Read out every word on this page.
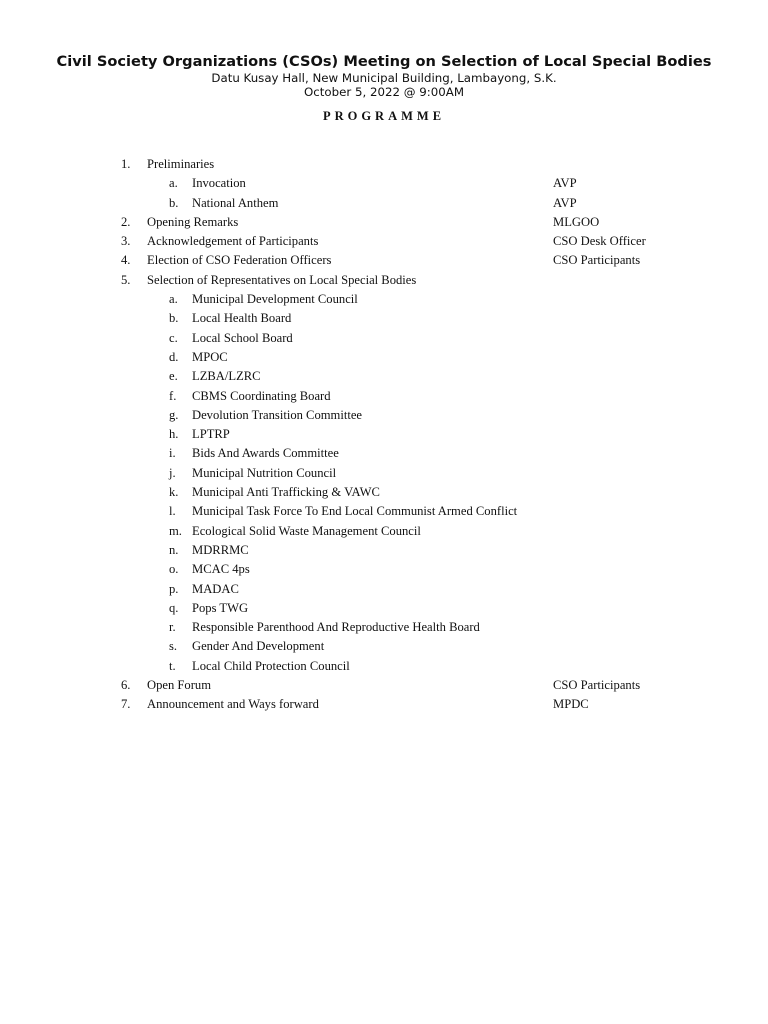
Civil Society Organizations (CSOs) Meeting on Selection of Local Special Bodies

Datu Kusay Hall, New Municipal Building, Lambayong, S.K.

October 5, 2022 @ 9:00AM

PROGRAMME
1.	Preliminaries
a.	Invocation	AVP
b.	National Anthem	AVP
2.	Opening Remarks	MLGOO
3.	Acknowledgement of Participants	CSO Desk Officer
4.	Election of CSO Federation Officers	CSO Participants
5.	Selection of Representatives on Local Special Bodies
a.	Municipal Development Council
b.	Local Health Board
c.	Local School Board
d.	MPOC
e.	LZBA/LZRC
f.	CBMS Coordinating Board
g.	Devolution Transition Committee
h.	LPTRP
i.	Bids And Awards Committee
j.	Municipal Nutrition Council
k.	Municipal Anti Trafficking & VAWC
l.	Municipal Task Force To End Local Communist Armed Conflict
m. Ecological Solid Waste Management Council
n.	MDRRMC
o.	MCAC 4ps
p.	MADAC
q.	Pops TWG
r.	Responsible Parenthood And Reproductive Health Board
s.	Gender And Development
t.	Local Child Protection Council
6.	Open Forum	CSO Participants
7.	Announcement and Ways forward	MPDC
